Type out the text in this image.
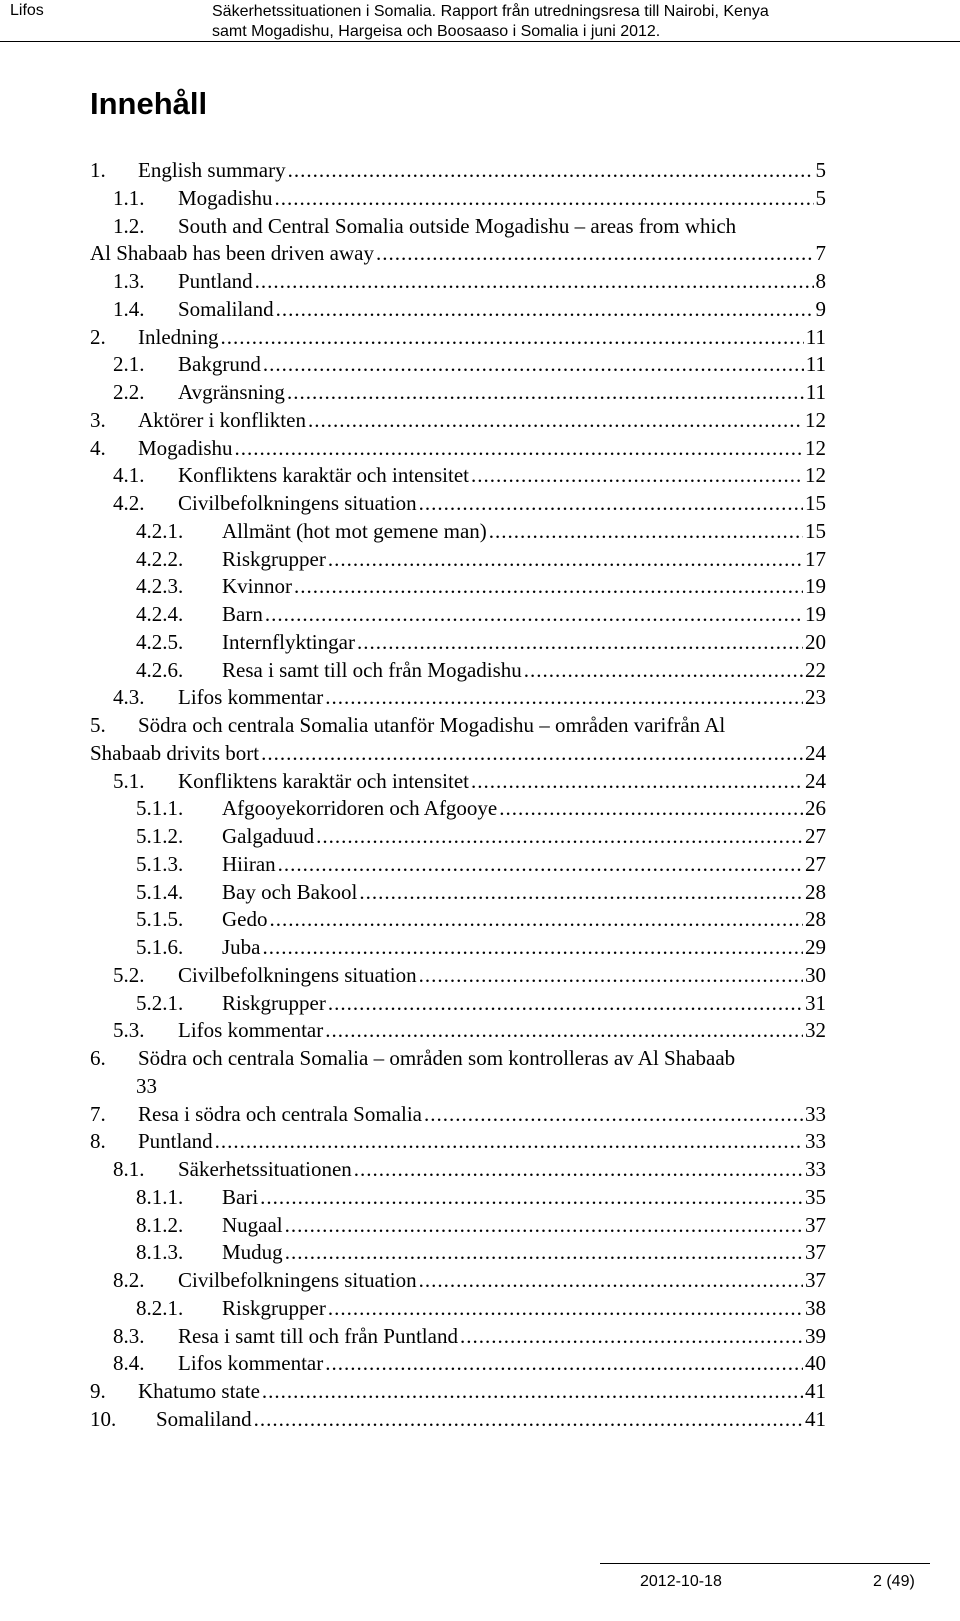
Lifos	Säkerhetssituationen i Somalia. Rapport från utredningsresa till Nairobi, Kenya
samt Mogadishu, Hargeisa och Boosaaso i Somalia i juni 2012.
Innehåll
1. English summary .....	5
1.1. Mogadishu .....	5
1.2. South and Central Somalia outside Mogadishu – areas from which
Al Shabaab has been driven away .....	7
1.3. Puntland .....	8
1.4. Somaliland .....	9
2. Inledning .....	11
2.1. Bakgrund .....	11
2.2. Avgränsning .....	11
3. Aktörer i konflikten .....	12
4. Mogadishu .....	12
4.1. Konfliktens karaktär och intensitet .....	12
4.2. Civilbefolkningens situation .....	15
4.2.1. Allmänt (hot mot gemene man) .....	15
4.2.2. Riskgrupper .....	17
4.2.3. Kvinnor .....	19
4.2.4. Barn .....	19
4.2.5. Internflyktingar .....	20
4.2.6. Resa i samt till och från Mogadishu .....	22
4.3. Lifos kommentar .....	23
5. Södra och centrala Somalia utanför Mogadishu – områden varifrån Al
Shabaab drivits bort .....	24
5.1. Konfliktens karaktär och intensitet .....	24
5.1.1. Afgooyekorridoren och Afgooye .....	26
5.1.2. Galgaduud .....	27
5.1.3. Hiiran .....	27
5.1.4. Bay och Bakool .....	28
5.1.5. Gedo .....	28
5.1.6. Juba .....	29
5.2. Civilbefolkningens situation .....	30
5.2.1. Riskgrupper .....	31
5.3. Lifos kommentar .....	32
6. Södra och centrala Somalia – områden som kontrolleras av Al Shabaab
33
7. Resa i södra och centrala Somalia .....	33
8. Puntland .....	33
8.1. Säkerhetssituationen .....	33
8.1.1. Bari .....	35
8.1.2. Nugaal .....	37
8.1.3. Mudug .....	37
8.2. Civilbefolkningens situation .....	37
8.2.1. Riskgrupper .....	38
8.3. Resa i samt till och från Puntland .....	39
8.4. Lifos kommentar .....	40
9. Khatumo state .....	41
10. Somaliland .....	41
2012-10-18	2 (49)
